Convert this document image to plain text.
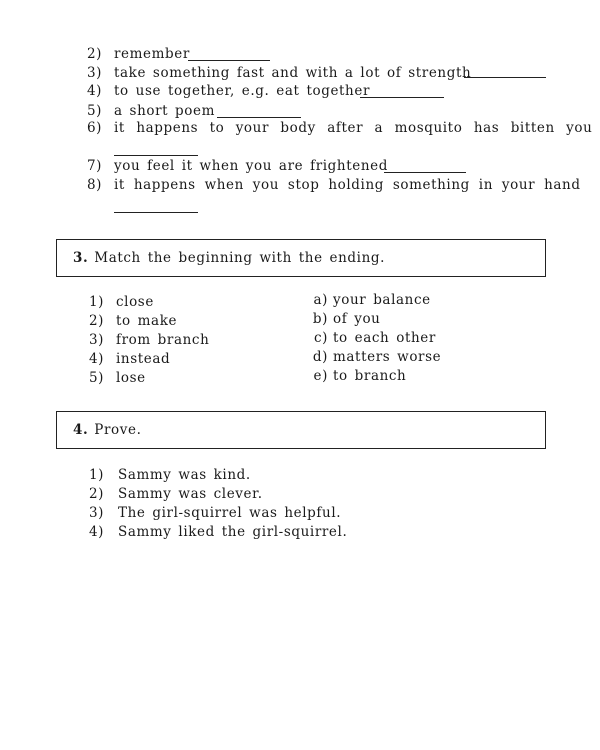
2) remember
3) take something fast and with a lot of strength
4) to use together, e.g. eat together
5) a short poem
6) it happens to your body after a mosquito has bitten you
7) you feel it when you are frightened
8) it happens when you stop holding something in your hand
3. Match the beginning with the ending.
1) close
2) to make
3) from branch
4) instead
5) lose
a) your balance
b) of you
c) to each other
d) matters worse
e) to branch
4. Prove.
1) Sammy was kind.
2) Sammy was clever.
3) The girl-squirrel was helpful.
4) Sammy liked the girl-squirrel.
